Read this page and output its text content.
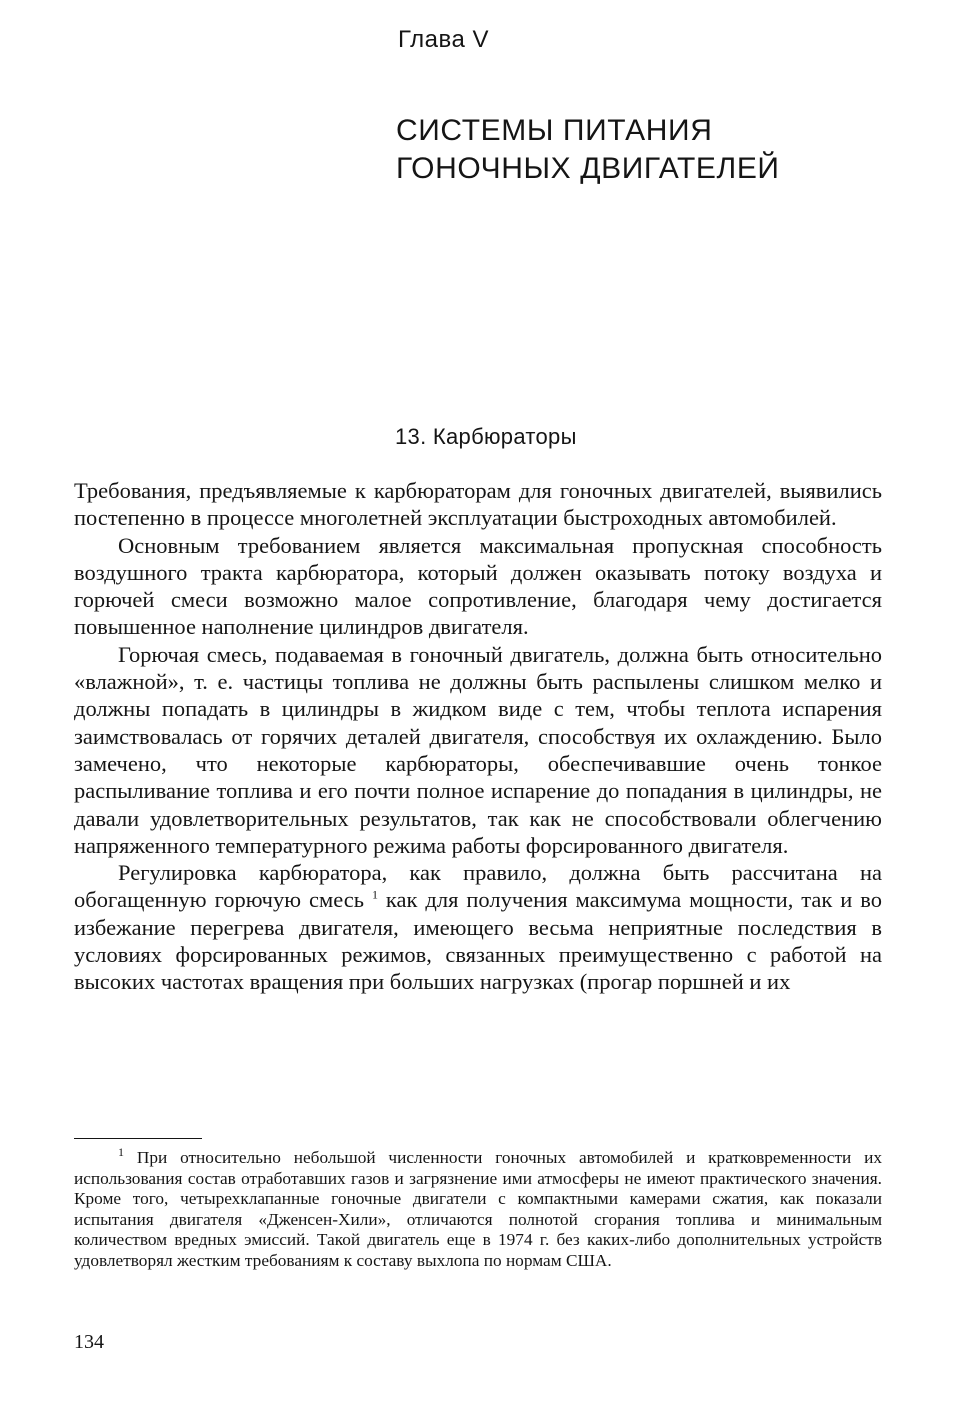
Глава V
СИСТЕМЫ ПИТАНИЯ
ГОНОЧНЫХ ДВИГАТЕЛЕЙ
13. Карбюраторы

Требования, предъявляемые к карбюраторам для гоночных двигателей, выявились постепенно в процессе многолетней эксплуатации быстроходных автомобилей.

Основным требованием является максимальная пропускная способность воздушного тракта карбюратора, который должен оказывать потоку воздуха и горючей смеси возможно малое сопротивление, благодаря чему достигается повышенное наполнение цилиндров двигателя.

Горючая смесь, подаваемая в гоночный двигатель, должна быть относительно «влажной», т. е. частицы топлива не должны быть распылены слишком мелко и должны попадать в цилиндры в жидком виде с тем, чтобы теплота испарения заимствовалась от горячих деталей двигателя, способствуя их охлаждению. Было замечено, что некоторые карбюраторы, обеспечивавшие очень тонкое распыливание топлива и его почти полное испарение до попадания в цилиндры, не давали удовлетворительных результатов, так как не способствовали облегчению напряженного температурного режима работы форсированного двигателя.

Регулировка карбюратора, как правило, должна быть рассчитана на обогащенную горючую смесь $^1$ как для получения максимума мощности, так и во избежание перегрева двигателя, имеющего весьма неприятные последствия в условиях форсированных режимов, связанных преимущественно с работой на высоких частотах вращения при больших нагрузках (прогар поршней и их

$^1$ При относительно небольшой численности гоночных автомобилей и кратковременности их использования состав отработавших газов и загрязнение ими атмосферы не имеют практического значения. Кроме того, четырехклапанные гоночные двигатели с компактными камерами сжатия, как показали испытания двигателя «Дженсен-Хили», отличаются полнотой сгорания топлива и минимальным количеством вредных эмиссий. Такой двигатель еще в 1974 г. без каких-либо дополнительных устройств удовлетворял жестким требованиям к составу выхлопа по нормам США.

134
